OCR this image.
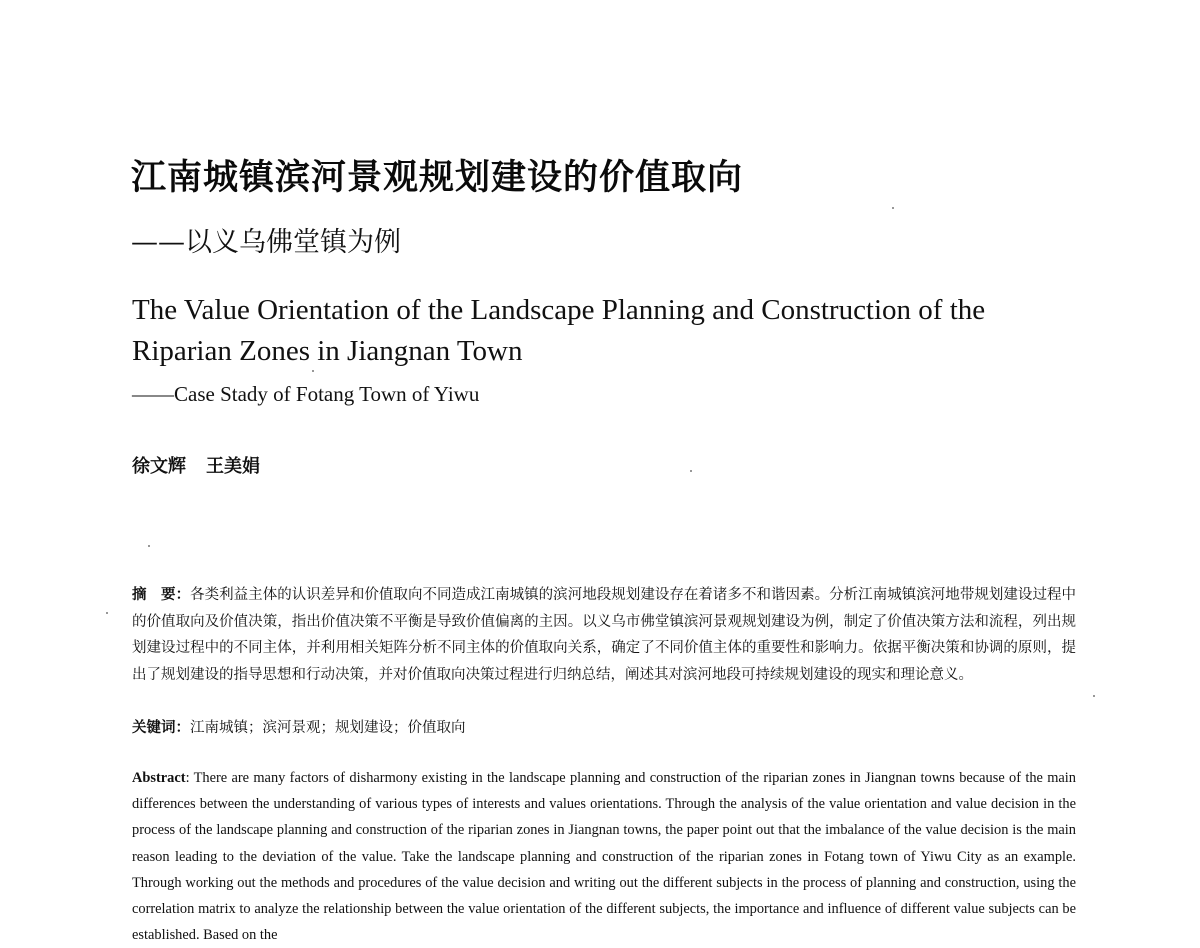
江南城镇滨河景观规划建设的价值取向
——以义乌佛堂镇为例
The Value Orientation of the Landscape Planning and Construction of the Riparian Zones in Jiangnan Town
——Case Stady of Fotang Town of Yiwu
徐文辉 王美娟
摘　要：各类利益主体的认识差异和价值取向不同造成江南城镇的滨河地段规划建设存在着诸多不和谐因素。分析江南城镇滨河地带规划建设过程中的价值取向及价值决策，指出价值决策不平衡是导致价值偏离的主因。以义乌市佛堂镇滨河景观规划建设为例，制定了价值决策方法和流程，列出规划建设过程中的不同主体，并利用相关矩阵分析不同主体的价值取向关系，确定了不同价值主体的重要性和影响力。依据平衡决策和协调的原则，提出了规划建设的指导思想和行动决策，并对价值取向决策过程进行归纳总结，阐述其对滨河地段可持续规划建设的现实和理论意义。
关键词：江南城镇；滨河景观；规划建设；价值取向
Abstract: There are many factors of disharmony existing in the landscape planning and construction of the riparian zones in Jiangnan towns because of the main differences between the understanding of various types of interests and values orientations. Through the analysis of the value orientation and value decision in the process of the landscape planning and construction of the riparian zones in Jiangnan towns, the paper point out that the imbalance of the value decision is the main reason leading to the deviation of the value. Take the landscape planning and construction of the riparian zones in Fotang town of Yiwu City as an example. Through working out the methods and procedures of the value decision and writing out the different subjects in the process of planning and construction, using the correlation matrix to analyze the relationship between the value orientation of the different subjects, the importance and influence of different value subjects can be established. Based on the
